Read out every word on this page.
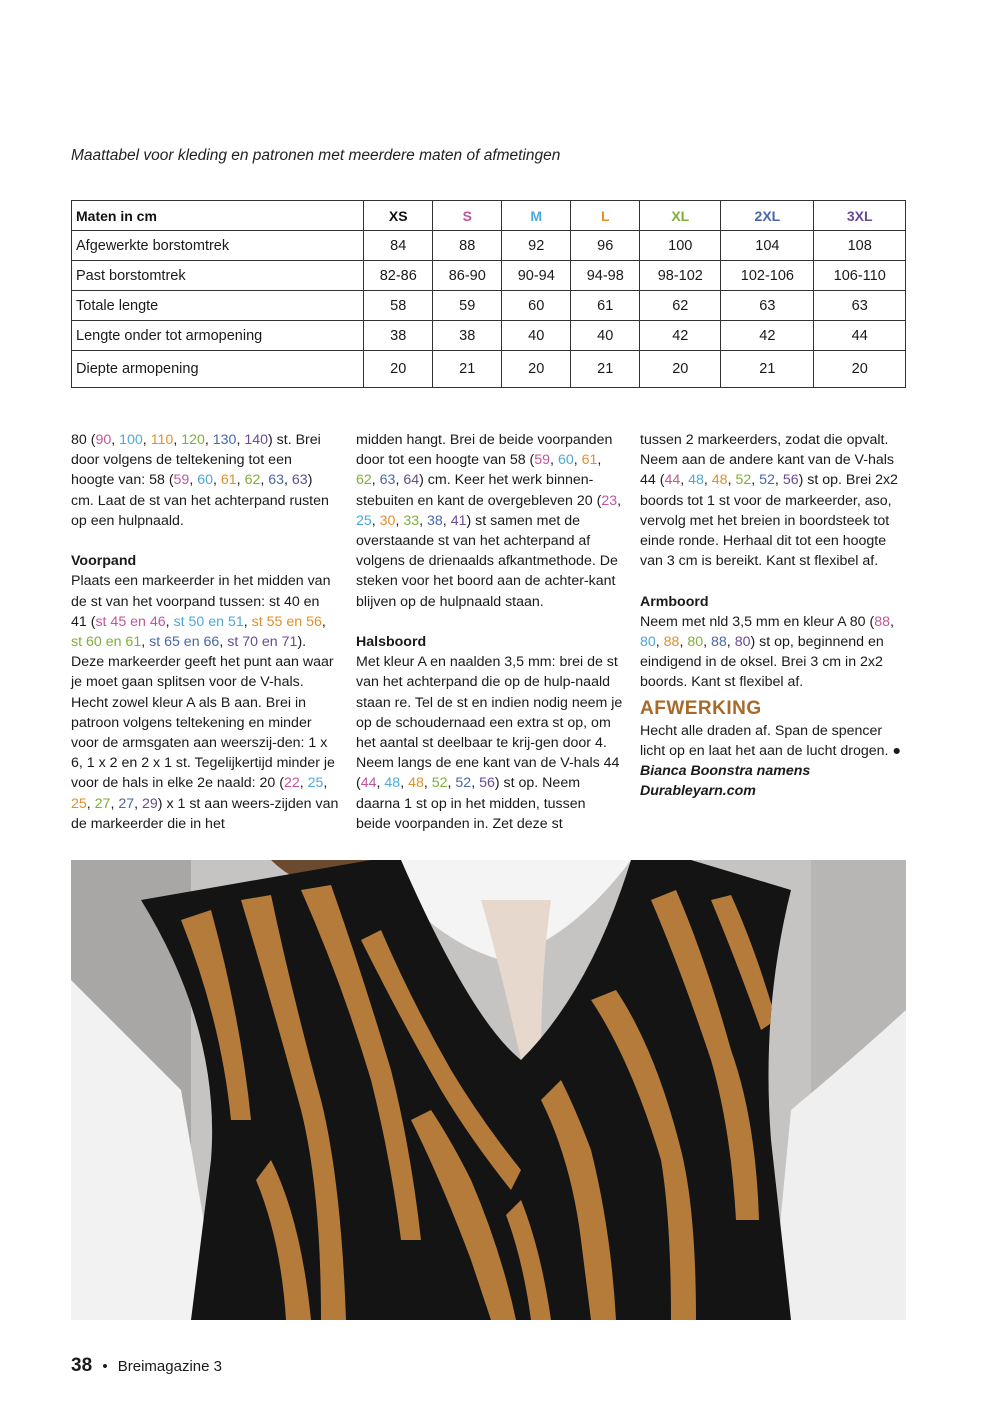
Maattabel voor kleding en patronen met meerdere maten of afmetingen
Maten in cm	XS	S	M	L	XL	2XL	3XL
Afgewerkte borstomtrek	84	88	92	96	100	104	108
Past borstomtrek	82-86	86-90	90-94	94-98	98-102	102-106	106-110
Totale lengte	58	59	60	61	62	63	63
Lengte onder tot armopening	38	38	40	40	42	42	44
Diepte armopening	20	21	20	21	20	21	20

80 (90, 100, 110, 120, 130, 140) st. Brei door volgens de teltekening tot een hoogte van: 58 (59, 60, 61, 62, 63, 63) cm. Laat de st van het achterpand rusten op een hulpnaald.

Voorpand

Plaats een markeerder in het midden van de st van het voorpand tussen: st 40 en 41 (st 45 en 46, st 50 en 51, st 55 en 56, st 60 en 61, st 65 en 66, st 70 en 71). Deze markeerder geeft het punt aan waar je moet gaan splitsen voor de V-hals. Hecht zowel kleur A als B aan. Brei in patroon volgens teltekening en minder voor de armsgaten aan weerszij-den: 1 x 6, 1 x 2 en 2 x 1 st. Tegelijkertijd minder je voor de hals in elke 2e naald: 20 (22, 25, 25, 27, 27, 29) x 1 st aan weers-zijden van de markeerder die in het

midden hangt. Brei de beide voorpanden door tot een hoogte van 58 (59, 60, 61, 62, 63, 64) cm. Keer het werk binnen-stebuiten en kant de overgebleven 20 (23, 25, 30, 33, 38, 41) st samen met de overstaande st van het achterpand af volgens de drienaalds afkantmethode. De steken voor het boord aan de achter-kant blijven op de hulpnaald staan.

Halsboord

Met kleur A en naalden 3,5 mm: brei de st van het achterpand die op de hulp-naald staan re. Tel de st en indien nodig neem je op de schoudernaad een extra st op, om het aantal st deelbaar te krij-gen door 4. Neem langs de ene kant van de V-hals 44 (44, 48, 48, 52, 52, 56) st op. Neem daarna 1 st op in het midden, tussen beide voorpanden in. Zet deze st

tussen 2 markeerders, zodat die opvalt. Neem aan de andere kant van de V-hals 44 (44, 48, 48, 52, 52, 56) st op. Brei 2x2 boords tot 1 st voor de markeerder, aso, vervolg met het breien in boordsteek tot einde ronde. Herhaal dit tot een hoogte van 3 cm is bereikt. Kant st flexibel af.

Armboord

Neem met nld 3,5 mm en kleur A 80 (88, 80, 88, 80, 88, 80) st op, beginnend en eindigend in de oksel. Brei 3 cm in 2x2 boords. Kant st flexibel af.

AFWERKING

Hecht alle draden af. Span de spencer licht op en laat het aan de lucht drogen. ●

Bianca Boonstra namens Durableyarn.com

38 • Breimagazine 3
